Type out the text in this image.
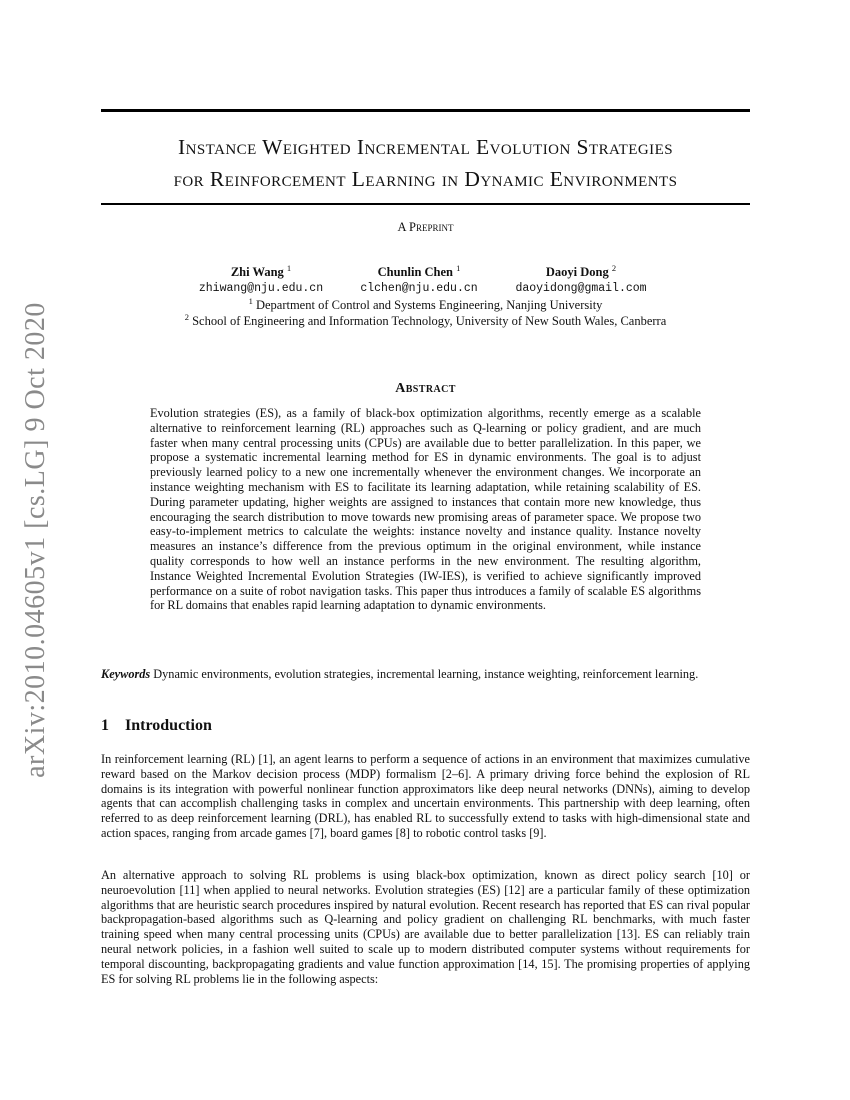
arXiv:2010.04605v1 [cs.LG] 9 Oct 2020
Instance Weighted Incremental Evolution Strategies
for Reinforcement Learning in Dynamic Environments
A Preprint
Zhi Wang $^1$
zhiwang@nju.edu.cn
Chunlin Chen $^1$
clchen@nju.edu.cn
Daoyi Dong $^2$
daoyidong@gmail.com
$^1$ Department of Control and Systems Engineering, Nanjing University
$^2$ School of Engineering and Information Technology, University of New South Wales, Canberra
Abstract
Evolution strategies (ES), as a family of black-box optimization algorithms, recently emerge as a scalable alternative to reinforcement learning (RL) approaches such as Q-learning or policy gradient, and are much faster when many central processing units (CPUs) are available due to better parallelization. In this paper, we propose a systematic incremental learning method for ES in dynamic environments. The goal is to adjust previously learned policy to a new one incrementally whenever the environment changes. We incorporate an instance weighting mechanism with ES to facilitate its learning adaptation, while retaining scalability of ES. During parameter updating, higher weights are assigned to instances that contain more new knowledge, thus encouraging the search distribution to move towards new promising areas of parameter space. We propose two easy-to-implement metrics to calculate the weights: instance novelty and instance quality. Instance novelty measures an instance’s difference from the previous optimum in the original environment, while instance quality corresponds to how well an instance performs in the new environment. The resulting algorithm, Instance Weighted Incremental Evolution Strategies (IW-IES), is verified to achieve significantly improved performance on a suite of robot navigation tasks. This paper thus introduces a family of scalable ES algorithms for RL domains that enables rapid learning adaptation to dynamic environments.
Keywords Dynamic environments, evolution strategies, incremental learning, instance weighting, reinforcement learning.
1 Introduction
In reinforcement learning (RL) [1], an agent learns to perform a sequence of actions in an environment that maximizes cumulative reward based on the Markov decision process (MDP) formalism [2–6]. A primary driving force behind the explosion of RL domains is its integration with powerful nonlinear function approximators like deep neural networks (DNNs), aiming to develop agents that can accomplish challenging tasks in complex and uncertain environments. This partnership with deep learning, often referred to as deep reinforcement learning (DRL), has enabled RL to successfully extend to tasks with high-dimensional state and action spaces, ranging from arcade games [7], board games [8] to robotic control tasks [9].
An alternative approach to solving RL problems is using black-box optimization, known as direct policy search [10] or neuroevolution [11] when applied to neural networks. Evolution strategies (ES) [12] are a particular family of these optimization algorithms that are heuristic search procedures inspired by natural evolution. Recent research has reported that ES can rival popular backpropagation-based algorithms such as Q-learning and policy gradient on challenging RL benchmarks, with much faster training speed when many central processing units (CPUs) are available due to better parallelization [13]. ES can reliably train neural network policies, in a fashion well suited to scale up to modern distributed computer systems without requirements for temporal discounting, backpropagating gradients and value function approximation [14, 15]. The promising properties of applying ES for solving RL problems lie in the following aspects:
